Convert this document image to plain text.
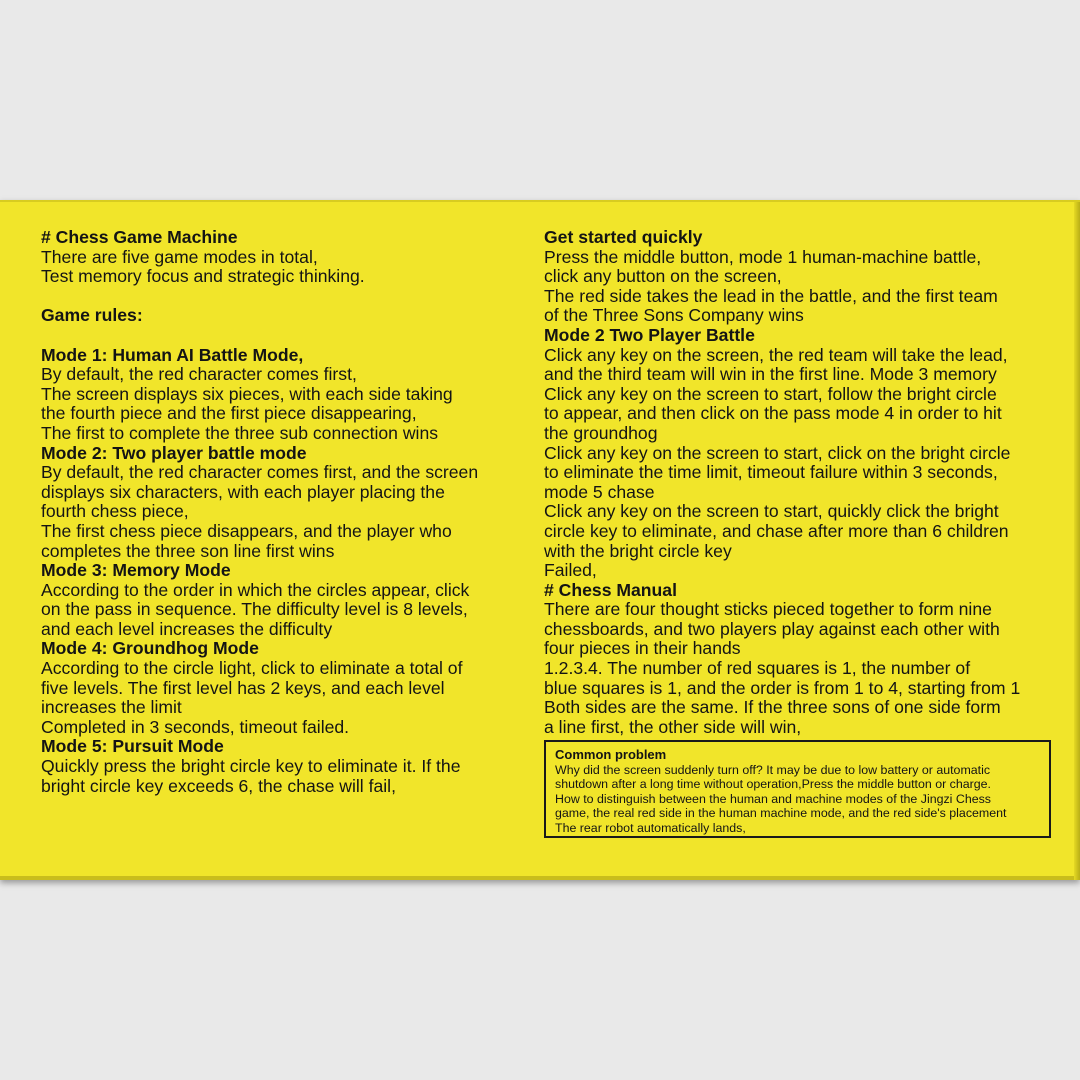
# Chess Game Machine
There are five game modes in total,
Test memory focus and strategic thinking.
Game rules:
Mode 1: Human AI Battle Mode,
By default, the red character comes first,
The screen displays six pieces, with each side taking
the fourth piece and the first piece disappearing,
The first to complete the three sub connection wins
Mode 2: Two player battle mode
By default, the red character comes first, and the screen
displays six characters, with each player placing the
fourth chess piece,
The first chess piece disappears, and the player who
completes the three son line first wins
Mode 3: Memory Mode
According to the order in which the circles appear, click
on the pass in sequence. The difficulty level is 8 levels,
and each level increases the difficulty
Mode 4: Groundhog Mode
According to the circle light, click to eliminate a total of
five levels. The first level has 2 keys, and each level
increases the limit
Completed in 3 seconds, timeout failed.
Mode 5: Pursuit Mode
Quickly press the bright circle key to eliminate it. If the
bright circle key exceeds 6, the chase will fail,
Get started quickly
Press the middle button, mode 1 human-machine battle,
click any button on the screen,
The red side takes the lead in the battle, and the first team
of the Three Sons Company wins
Mode 2 Two Player Battle
Click any key on the screen, the red team will take the lead,
and the third team will win in the first line. Mode 3 memory
Click any key on the screen to start, follow the bright circle
to appear, and then click on the pass mode 4 in order to hit
the groundhog
Click any key on the screen to start, click on the bright circle
to eliminate the time limit, timeout failure within 3 seconds,
mode 5 chase
Click any key on the screen to start, quickly click the bright
circle key to eliminate, and chase after more than 6 children
with the bright circle key
Failed,
# Chess Manual
There are four thought sticks pieced together to form nine
chessboards, and two players play against each other with
four pieces in their hands
1.2.3.4. The number of red squares is 1, the number of
blue squares is 1, and the order is from 1 to 4, starting from 1
Both sides are the same. If the three sons of one side form
a line first, the other side will win,
Common problem
Why did the screen suddenly turn off? It may be due to low battery or automatic
shutdown after a long time without operation,Press the middle button or charge.
How to distinguish between the human and machine modes of the Jingzi Chess
game, the real red side in the human machine mode, and the red side's placement
The rear robot automatically lands,
